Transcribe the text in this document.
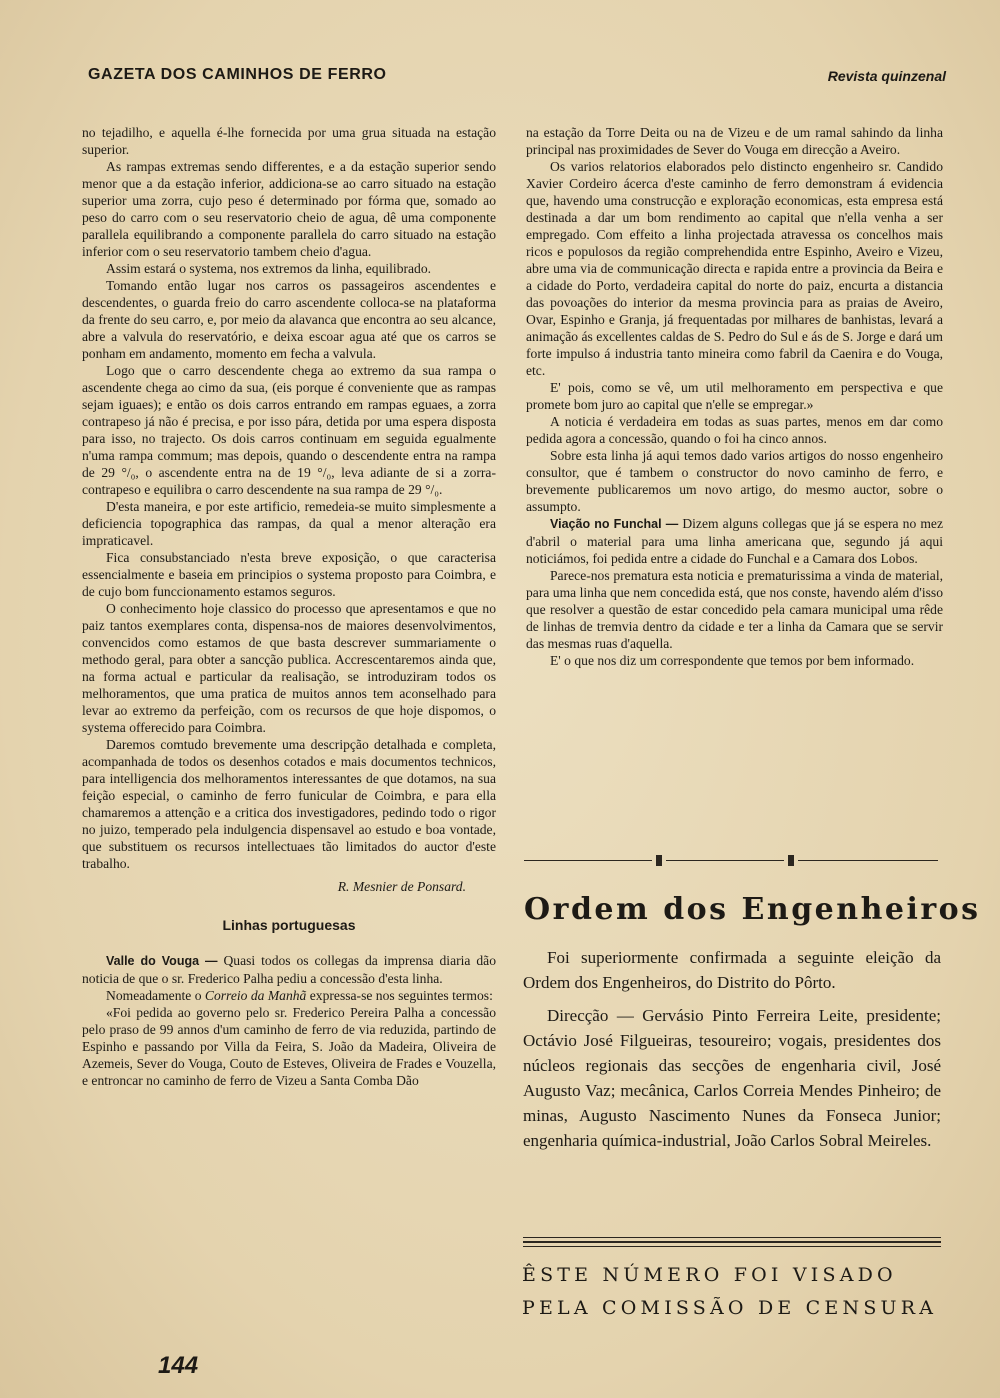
GAZETA DOS CAMINHOS DE FERRO	Revista quinzenal

no tejadilho, e aquella é-lhe fornecida por uma grua situada na estação superior.

As rampas extremas sendo differentes, e a da estação superior sendo menor que a da estação inferior, addiciona-se ao carro situado na estação superior uma zorra, cujo peso é determinado por fórma que, somado ao peso do carro com o seu reservatorio cheio de agua, dê uma componente parallela equilibrando a componente parallela do carro situado na estação inferior com o seu reservatorio tambem cheio d'agua.

Assim estará o systema, nos extremos da linha, equilibrado.

Tomando então lugar nos carros os passageiros ascendentes e descendentes, o guarda freio do carro ascendente colloca-se na plataforma da frente do seu carro, e, por meio da alavanca que encontra ao seu alcance, abre a valvula do reservatório, e deixa escoar agua até que os carros se ponham em andamento, momento em fecha a valvula.

Logo que o carro descendente chega ao extremo da sua rampa o ascendente chega ao cimo da sua, (eis porque é conveniente que as rampas sejam iguaes); e então os dois carros entrando em rampas eguaes, a zorra contrapeso já não é precisa, e por isso pára, detida por uma espera disposta para isso, no trajecto. Os dois carros continuam em seguida egualmente n'uma rampa commum; mas depois, quando o descendente entra na rampa de 29 °/₀, o ascendente entra na de 19 °/₀, leva adiante de si a zorra-contrapeso e equilibra o carro descendente na sua rampa de 29 °/₀.

D'esta maneira, e por este artificio, remedeia-se muito simplesmente a deficiencia topographica das rampas, da qual a menor alteração era impraticavel.

Fica consubstanciado n'esta breve exposição, o que caracterisa essencialmente e baseia em principios o systema proposto para Coimbra, e de cujo bom funccionamento estamos seguros.

O conhecimento hoje classico do processo que apresentamos e que no paiz tantos exemplares conta, dispensa-nos de maiores desenvolvimentos, convencidos como estamos de que basta descrever summariamente o methodo geral, para obter a sancção publica. Accrescentaremos ainda que, na forma actual e particular da realisação, se introduziram todos os melhoramentos, que uma pratica de muitos annos tem aconselhado para levar ao extremo da perfeição, com os recursos de que hoje dispomos, o systema offerecido para Coimbra.

Daremos comtudo brevemente uma descripção detalhada e completa, acompanhada de todos os desenhos cotados e mais documentos technicos, para intelligencia dos melhoramentos interessantes de que dotamos, na sua feição especial, o caminho de ferro funicular de Coimbra, e para ella chamaremos a attenção e a critica dos investigadores, pedindo todo o rigor no juizo, temperado pela indulgencia dispensavel ao estudo e boa vontade, que substituem os recursos intellectuaes tão limitados do auctor d'este trabalho.

R. Mesnier de Ponsard.

Linhas portuguesas

Valle do Vouga — Quasi todos os collegas da imprensa diaria dão noticia de que o sr. Frederico Palha pediu a concessão d'esta linha.

Nomeadamente o Correio da Manhã expressa-se nos seguintes termos:

«Foi pedida ao governo pelo sr. Frederico Pereira Palha a concessão pelo praso de 99 annos d'um caminho de ferro de via reduzida, partindo de Espinho e passando por Villa da Feira, S. João da Madeira, Oliveira de Azemeis, Sever do Vouga, Couto de Esteves, Oliveira de Frades e Vouzella, e entroncar no caminho de ferro de Vizeu a Santa Comba Dão

na estação da Torre Deita ou na de Vizeu e de um ramal sahindo da linha principal nas proximidades de Sever do Vouga em direcção a Aveiro.

Os varios relatorios elaborados pelo distincto engenheiro sr. Candido Xavier Cordeiro ácerca d'este caminho de ferro demonstram á evidencia que, havendo uma construcção e exploração economicas, esta empresa está destinada a dar um bom rendimento ao capital que n'ella venha a ser empregado. Com effeito a linha projectada atravessa os concelhos mais ricos e populosos da região comprehendida entre Espinho, Aveiro e Vizeu, abre uma via de communicação directa e rapida entre a provincia da Beira e a cidade do Porto, verdadeira capital do norte do paiz, encurta a distancia das povoações do interior da mesma provincia para as praias de Aveiro, Ovar, Espinho e Granja, já frequentadas por milhares de banhistas, levará a animação ás excellentes caldas de S. Pedro do Sul e ás de S. Jorge e dará um forte impulso á industria tanto mineira como fabril da Caenira e do Vouga, etc.

E' pois, como se vê, um util melhoramento em perspectiva e que promete bom juro ao capital que n'elle se empregar.»

A noticia é verdadeira em todas as suas partes, menos em dar como pedida agora a concessão, quando o foi ha cinco annos.

Sobre esta linha já aqui temos dado varios artigos do nosso engenheiro consultor, que é tambem o constructor do novo caminho de ferro, e brevemente publicaremos um novo artigo, do mesmo auctor, sobre o assumpto.

Viação no Funchal — Dizem alguns collegas que já se espera no mez d'abril o material para uma linha americana que, segundo já aqui noticiámos, foi pedida entre a cidade do Funchal e a Camara dos Lobos.

Parece-nos prematura esta noticia e prematurissima a vinda de material, para uma linha que nem concedida está, que nos conste, havendo além d'isso que resolver a questão de estar concedido pela camara municipal uma rêde de linhas de tremvia dentro da cidade e ter a linha da Camara que se servir das mesmas ruas d'aquella.

E' o que nos diz um correspondente que temos por bem informado.

Ordem dos Engenheiros

Foi superiormente confirmada a seguinte eleição da Ordem dos Engenheiros, do Distrito do Pôrto.

Direcção — Gervásio Pinto Ferreira Leite, presidente; Octávio José Filgueiras, tesoureiro; vogais, presidentes dos núcleos regionais das secções de engenharia civil, José Augusto Vaz; mecânica, Carlos Correia Mendes Pinheiro; de minas, Augusto Nascimento Nunes da Fonseca Junior; engenharia química-industrial, João Carlos Sobral Meireles.

ÊSTE NÚMERO FOI VISADO
PELA COMISSÃO DE CENSURA
144
